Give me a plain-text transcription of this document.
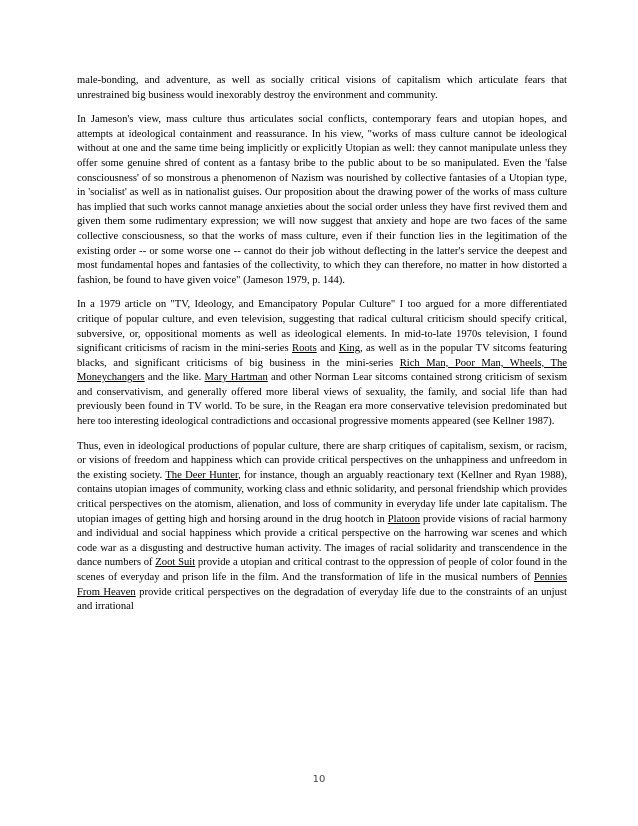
male-bonding, and adventure, as well as socially critical visions of capitalism which articulate fears that unrestrained big business would inexorably destroy the environment and community.

In Jameson's view, mass culture thus articulates social conflicts, contemporary fears and utopian hopes, and attempts at ideological containment and reassurance. In his view, "works of mass culture cannot be ideological without at one and the same time being implicitly or explicitly Utopian as well: they cannot manipulate unless they offer some genuine shred of content as a fantasy bribe to the public about to be so manipulated. Even the 'false consciousness' of so monstrous a phenomenon of Nazism was nourished by collective fantasies of a Utopian type, in 'socialist' as well as in nationalist guises. Our proposition about the drawing power of the works of mass culture has implied that such works cannot manage anxieties about the social order unless they have first revived them and given them some rudimentary expression; we will now suggest that anxiety and hope are two faces of the same collective consciousness, so that the works of mass culture, even if their function lies in the legitimation of the existing order -- or some worse one -- cannot do their job without deflecting in the latter's service the deepest and most fundamental hopes and fantasies of the collectivity, to which they can therefore, no matter in how distorted a fashion, be found to have given voice" (Jameson 1979, p. 144).

In a 1979 article on "TV, Ideology, and Emancipatory Popular Culture" I too argued for a more differentiated critique of popular culture, and even television, suggesting that radical cultural criticism should specify critical, subversive, or, oppositional moments as well as ideological elements. In mid-to-late 1970s television, I found significant criticisms of racism in the mini-series Roots and King, as well as in the popular TV sitcoms featuring blacks, and significant criticisms of big business in the mini-series Rich Man, Poor Man, Wheels, The Moneychangers and the like. Mary Hartman and other Norman Lear sitcoms contained strong criticism of sexism and conservativism, and generally offered more liberal views of sexuality, the family, and social life than had previously been found in TV world. To be sure, in the Reagan era more conservative television predominated but here too interesting ideological contradictions and occasional progressive moments appeared (see Kellner 1987).

Thus, even in ideological productions of popular culture, there are sharp critiques of capitalism, sexism, or racism, or visions of freedom and happiness which can provide critical perspectives on the unhappiness and unfreedom in the existing society. The Deer Hunter, for instance, though an arguably reactionary text (Kellner and Ryan 1988), contains utopian images of community, working class and ethnic solidarity, and personal friendship which provides critical perspectives on the atomism, alienation, and loss of community in everyday life under late capitalism. The utopian images of getting high and horsing around in the drug hootch in Platoon provide visions of racial harmony and individual and social happiness which provide a critical perspective on the harrowing war scenes and which code war as a disgusting and destructive human activity. The images of racial solidarity and transcendence in the dance numbers of Zoot Suit provide a utopian and critical contrast to the oppression of people of color found in the scenes of everyday and prison life in the film. And the transformation of life in the musical numbers of Pennies From Heaven provide critical perspectives on the degradation of everyday life due to the constraints of an unjust and irrational

10
